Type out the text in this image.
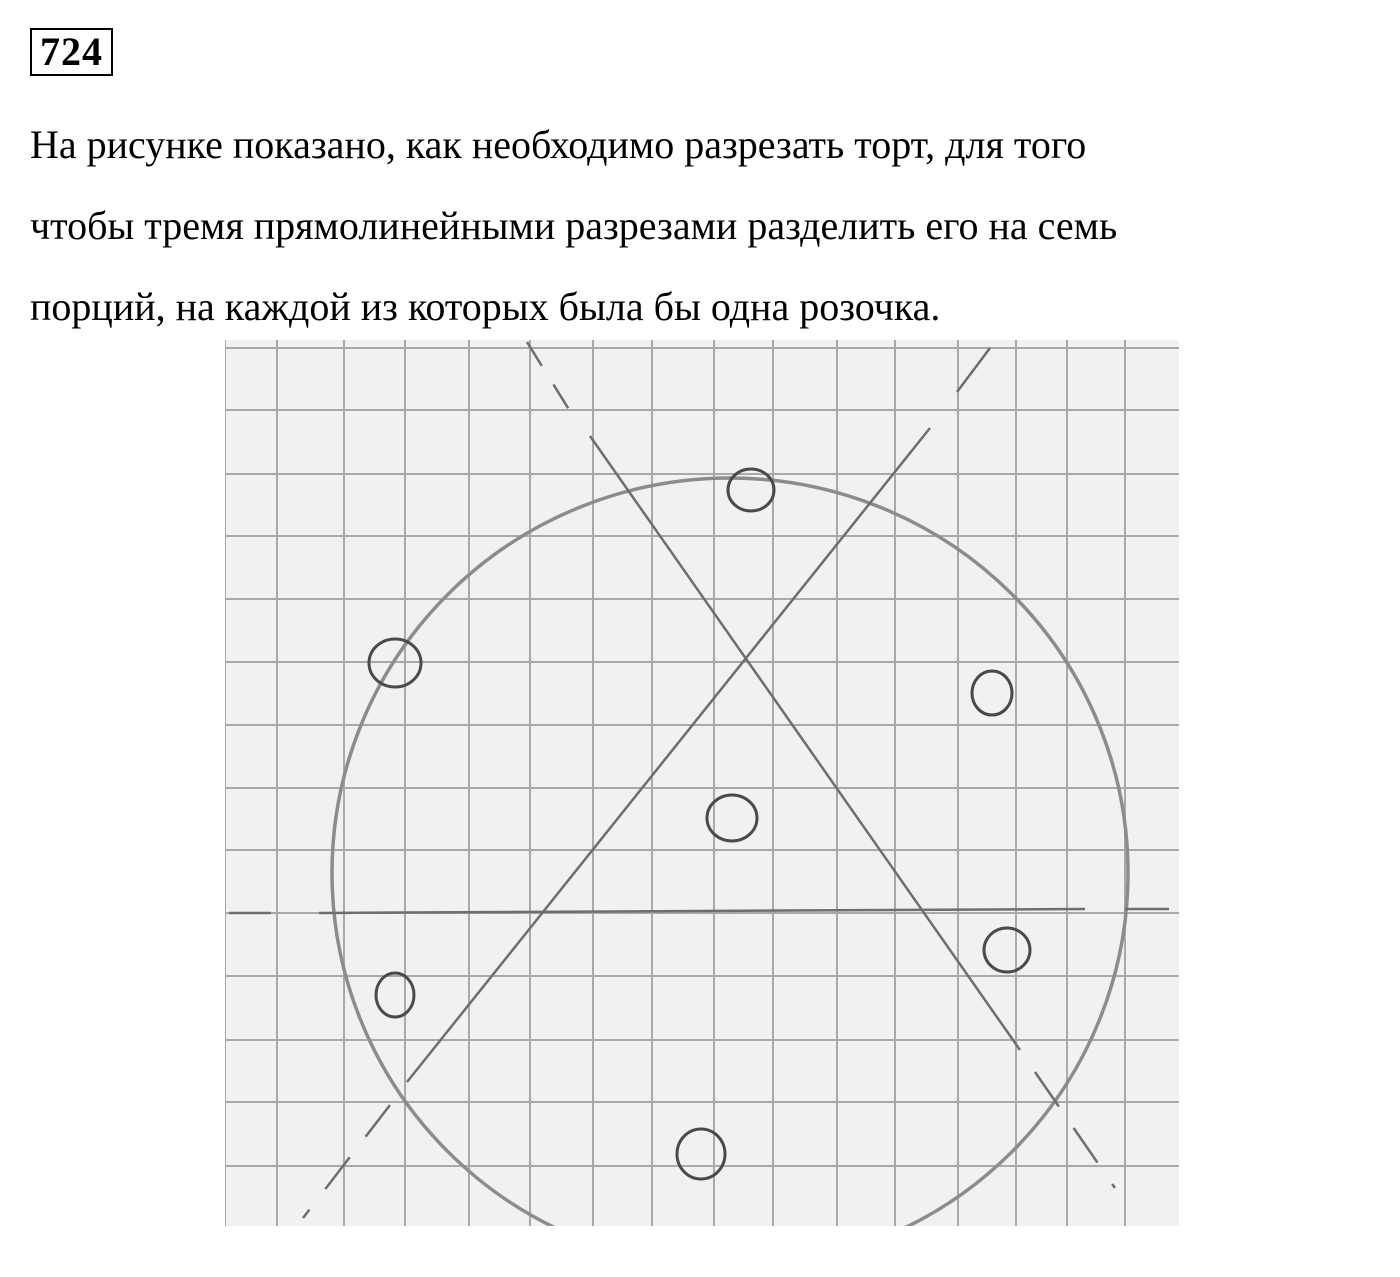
724

На рисунке показано, как необходимо разрезать торт, для того
чтобы тремя прямолинейными разрезами разделить его на семь
порций, на каждой из которых была бы одна розочка.
